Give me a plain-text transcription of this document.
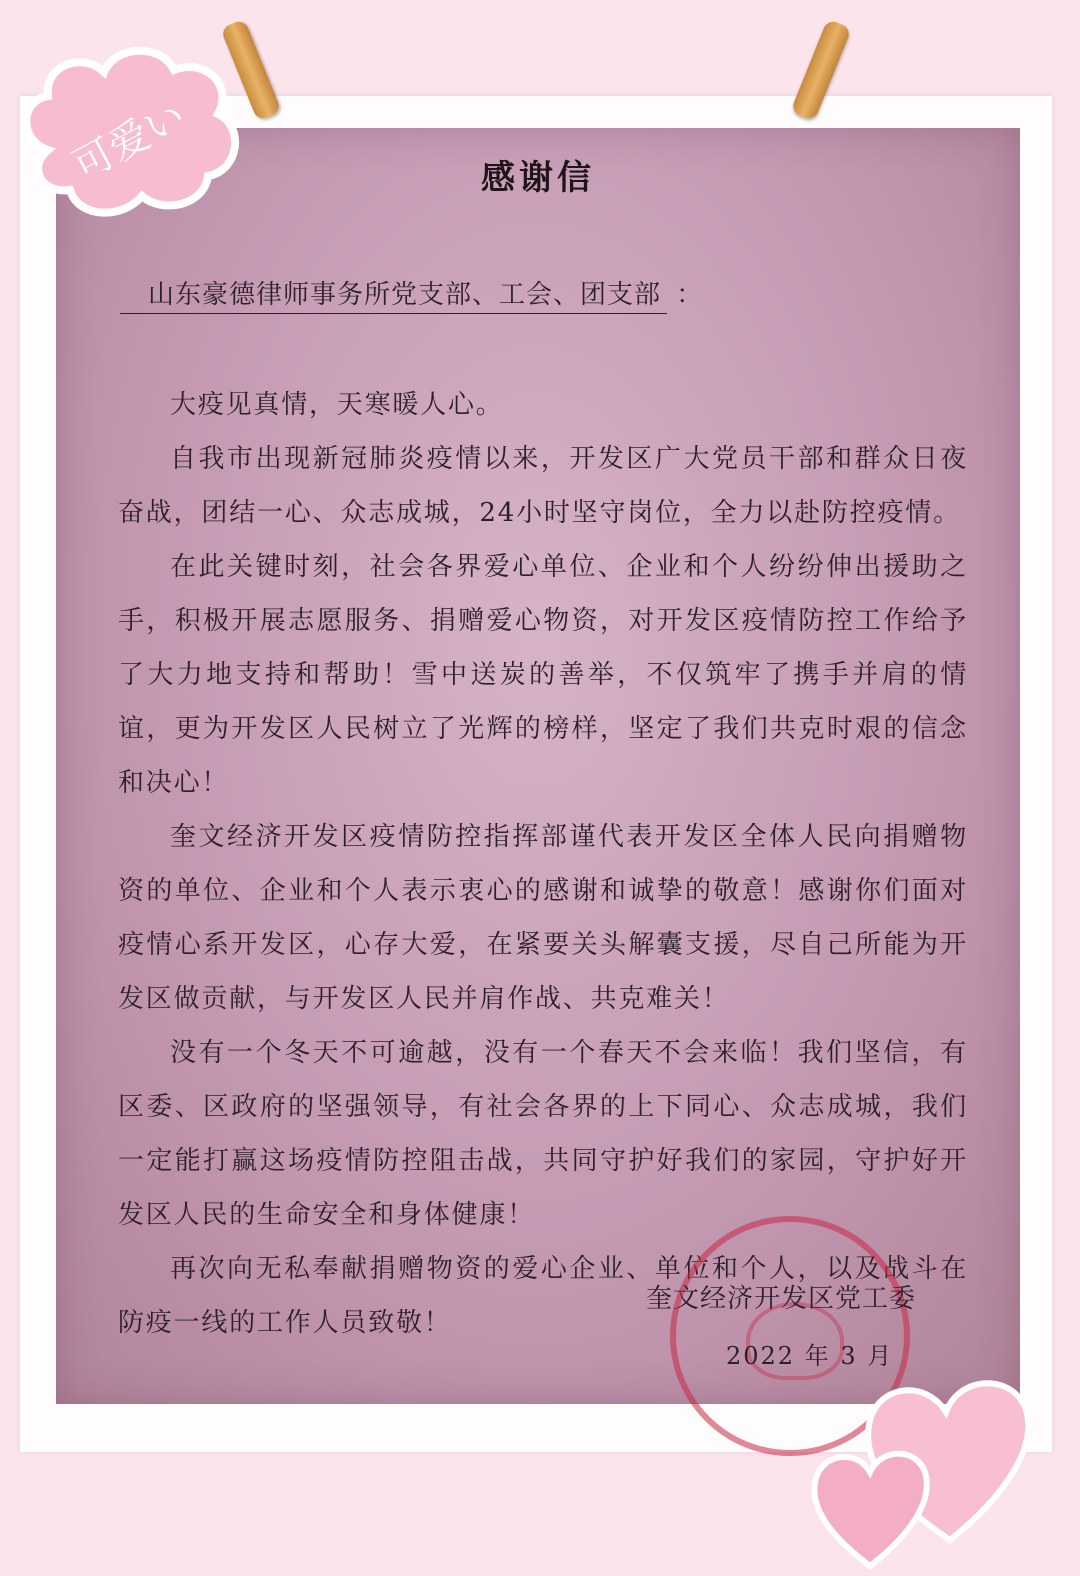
感谢信
山东豪德律师事务所党支部、工会、团支部 ：

大疫见真情，天寒暖人心。

自我市出现新冠肺炎疫情以来，开发区广大党员干部和群众日夜奋战，团结一心、众志成城，24小时坚守岗位，全力以赴防控疫情。

在此关键时刻，社会各界爱心单位、企业和个人纷纷伸出援助之手，积极开展志愿服务、捐赠爱心物资，对开发区疫情防控工作给予了大力地支持和帮助！雪中送炭的善举，不仅筑牢了携手并肩的情谊，更为开发区人民树立了光辉的榜样，坚定了我们共克时艰的信念和决心！

奎文经济开发区疫情防控指挥部谨代表开发区全体人民向捐赠物资的单位、企业和个人表示衷心的感谢和诚挚的敬意！感谢你们面对疫情心系开发区，心存大爱，在紧要关头解囊支援，尽自己所能为开发区做贡献，与开发区人民并肩作战、共克难关！

没有一个冬天不可逾越，没有一个春天不会来临！我们坚信，有区委、区政府的坚强领导，有社会各界的上下同心、众志成城，我们一定能打赢这场疫情防控阻击战，共同守护好我们的家园，守护好开发区人民的生命安全和身体健康！

再次向无私奉献捐赠物资的爱心企业、单位和个人，以及战斗在防疫一线的工作人员致敬！

奎文经济开发区党工委
2022 年 3 月
可爱い
